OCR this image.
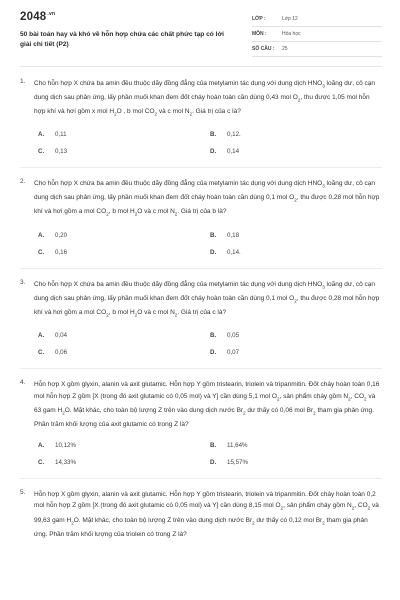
$2048^{.vn}$
50 bài toán hay và khó về hỗn hợp chứa các chất phức tạp có lời giải chi tiết (P2)
LỚP :	Lớp 12
MÔN :	Hóa học
SỐ CÂU :	25
1. Cho hỗn hợp X chứa ba amin đều thuộc dãy đồng đẳng của metylamin tác dụng với dung dịch $HNO_3$ loãng dư, cô cạn dung dịch sau phản ứng, lấy phần muối khan đem đốt cháy hoàn toàn cần dùng 0,43 mol $O_2$, thu được 1,05 mol hỗn hợp khí và hơi gồm x mol $H_2O$ , b mol $CO_2$ và c mol $N_2$. Giá trị của c là?
A.	0,11	B.	0,12.
C.	0,13	D.	0,14
2. Cho hỗn hợp X chứa ba amin đều thuộc dãy đồng đẳng của metylamin tác dụng với dung dịch $HNO_3$ loãng dư, cô cạn dung dịch sau phản ứng, lấy phần muối khan đem đốt cháy hoàn toàn cần dùng 0,1 mol $O_2$, thu được 0,28 mol hỗn hợp khí và hơi gồm a mol $CO_2$, b mol $H_2O$ và c mol $N_2$. Giá trị của b là?
A.	0,20	B.	0,18
C.	0,16	D.	0,14.
3. Cho hỗn hợp X chứa ba amin đều thuộc dãy đồng đẳng của metylamin tác dụng với dung dịch $HNO_3$ loãng dư, cô cạn dung dịch sau phản ứng, lấy phần muối khan đem đốt cháy hoàn toàn cần dùng 0,1 mol $O_2$, thu được 0,28 mol hỗn hợp khí và hơi gồm a mol $CO_2$, b mol $H_2O$ và c mol $N_2$. Giá trị của c là?
A.	0,04	B.	0,05
C.	0,06	D.	0,07
4. Hỗn hợp X gồm glyxin, alanin và axit glutamic. Hỗn hợp Y gồm tristearin, triolein và tripanmitin. Đốt cháy hoàn toàn 0,16 mol hỗn hợp Z gồm [X (trong đó axit glutamic có 0,05 mol) và Y] cần dùng 5,1 mol $O_2$, sản phẩm cháy gồm $N_2$, $CO_2$ và 63 gam $H_2O$. Mặt khác, cho toàn bộ lượng Z trên vào dung dịch nước $Br_2$ dư thấy có 0,06 mol $Br_2$ tham gia phản ứng. Phần trăm khối lượng của axit glutamic có trong Z là?
A.	10,12%	B.	11,64%
C.	14,33%	D.	15,57%
5. Hỗn hợp X gồm glyxin, alanin và axit glutamic. Hỗn hợp Y gồm tristearin, triolein và tripanmitin. Đốt cháy hoàn toàn 0,2 mol hỗn hợp Z gồm [X (trong đó axit glutamic có 0,05 mol) và Y] cần dùng 8,15 mol $O_2$, sản phẩm cháy gồm $N_2$, $CO_2$ và 99,63 gam $H_2O$. Mặt khác, cho toàn bộ lượng Z trên vào dung dịch nước $Br_2$ dư thấy có 0,12 mol $Br_2$ tham gia phản ứng. Phần trăm khối lượng của triolein có trong Z là?
